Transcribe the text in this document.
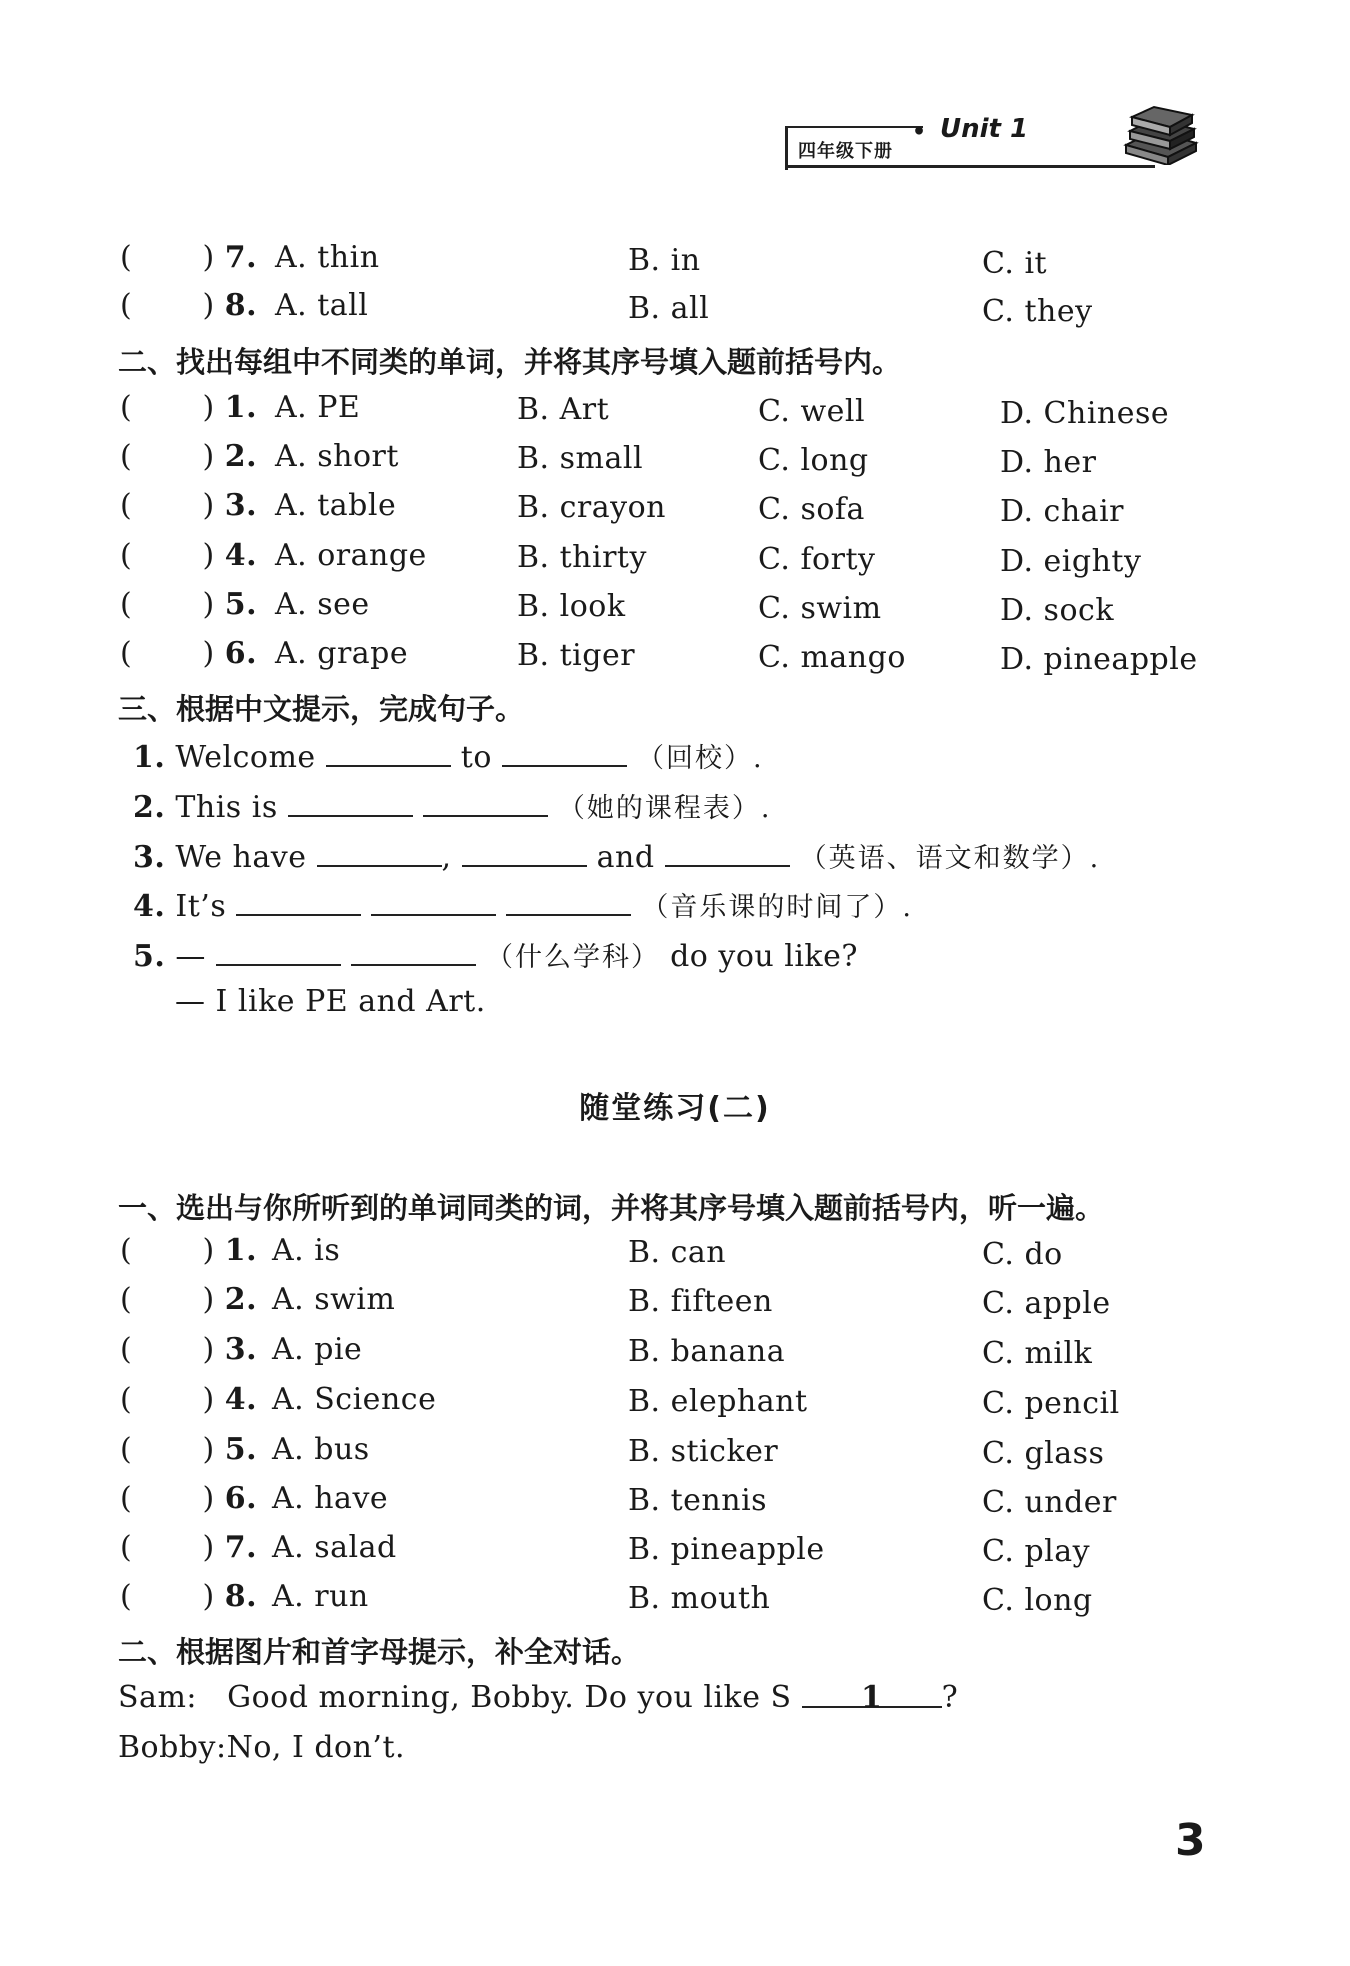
四年级下册
• Unit 1
(       ) 7. A. thin	B. in	C. it
(       ) 8. A. tall	B. all	C. they
二、找出每组中不同类的单词，并将其序号填入题前括号内。
(       ) 1. A. PE	B. Art	C. well	D. Chinese
(       ) 2. A. short	B. small	C. long	D. her
(       ) 3. A. table	B. crayon	C. sofa	D. chair
(       ) 4. A. orange	B. thirty	C. forty	D. eighty
(       ) 5. A. see	B. look	C. swim	D. sock
(       ) 6. A. grape	B. tiger	C. mango	D. pineapple
三、根据中文提示，完成句子。
1. Welcome	to	（回校）.
2. This is	（她的课程表）.
3. We have	,	and	（英语、语文和数学）.
4. It’s	（音乐课的时间了）.
5. —	（什么学科） do you like?
— I like PE and Art.
随堂练习(二)
一、选出与你所听到的单词同类的词，并将其序号填入题前括号内，听一遍。
(       ) 1. A. is	B. can	C. do
(       ) 2. A. swim	B. fifteen	C. apple
(       ) 3. A. pie	B. banana	C. milk
(       ) 4. A. Science	B. elephant	C. pencil
(       ) 5. A. bus	B. sticker	C. glass
(       ) 6. A. have	B. tennis	C. under
(       ) 7. A. salad	B. pineapple	C. play
(       ) 8. A. run	B. mouth	C. long
二、根据图片和首字母提示，补全对话。
Sam: Good morning, Bobby. Do you like S 1 ?
Bobby:No, I don’t.
3
